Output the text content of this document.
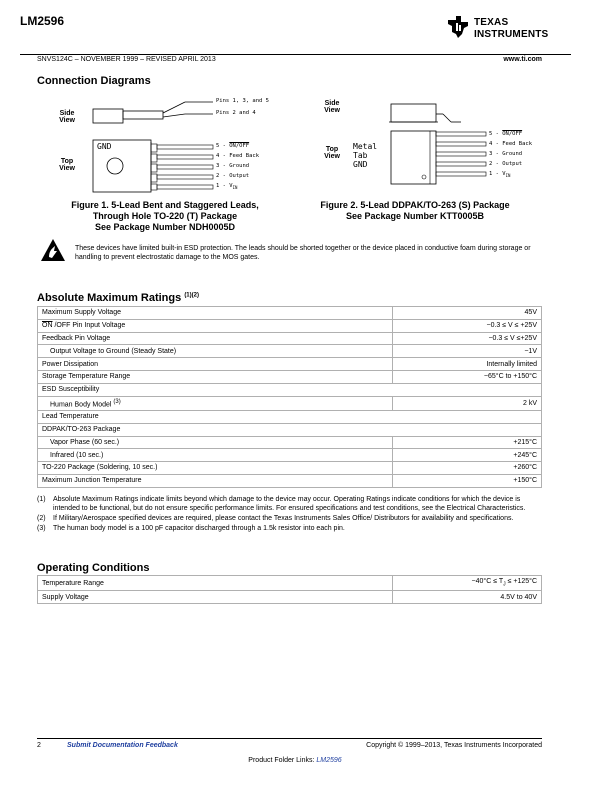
LM2596	TEXAS
INSTRUMENTS
SNVS124C – NOVEMBER 1999 – REVISED APRIL 2013	www.ti.com
Connection Diagrams
Side
View
Top
View
Pins 1, 3, and 5
Pins 2 and 4
GND	5 - ON/OFF
4 - Feed Back
3 - Ground
2 - Output
$1 - V_{IN}$
Figure 1. 5-Lead Bent and Staggered Leads,
Through Hole TO-220 (T) Package
See Package Number NDH0005D
Side
View
Top
View
Metal
Tab
GND
5 - ON/OFF
4 - Feed Back
3 - Ground
2 - Output
$1 - V_{IN}$
Figure 2. 5-Lead DDPAK/TO-263 (S) Package
See Package Number KTT0005B
These devices have limited built-in ESD protection. The leads should be shorted together or the device placed in conductive foam during storage or handling to prevent electrostatic damage to the MOS gates.
Absolute Maximum Ratings $^{(1)(2)}$
Maximum Supply Voltage	45V
$\overline{ON}$ /OFF Pin Input Voltage	−0.3 ≤ V ≤ +25V
Feedback Pin Voltage	−0.3 ≤ V ≤+25V
Output Voltage to Ground (Steady State)	−1V
Power Dissipation	Internally limited
Storage Temperature Range	−65°C to +150°C
ESD Susceptibility	
Human Body Model $^{(3)}$	2 kV
Lead Temperature	
DDPAK/TO-263 Package	
Vapor Phase (60 sec.)	+215°C
Infrared (10 sec.)	+245°C
TO-220 Package (Soldering, 10 sec.)	+260°C
Maximum Junction Temperature	+150°C
(1)	Absolute Maximum Ratings indicate limits beyond which damage to the device may occur. Operating Ratings indicate conditions for which the device is intended to be functional, but do not ensure specific performance limits. For ensured specifications and test conditions, see the Electrical Characteristics.
(2)	If Military/Aerospace specified devices are required, please contact the Texas Instruments Sales Office/ Distributors for availability and specifications.
(3)	The human body model is a 100 pF capacitor discharged through a 1.5k resistor into each pin.
Operating Conditions
Temperature Range	$-40^\circ C \le T_J \le +125^\circ C$
Supply Voltage	4.5V to 40V
2	Submit Documentation Feedback	Copyright © 1999–2013, Texas Instruments Incorporated
Product Folder Links: LM2596
